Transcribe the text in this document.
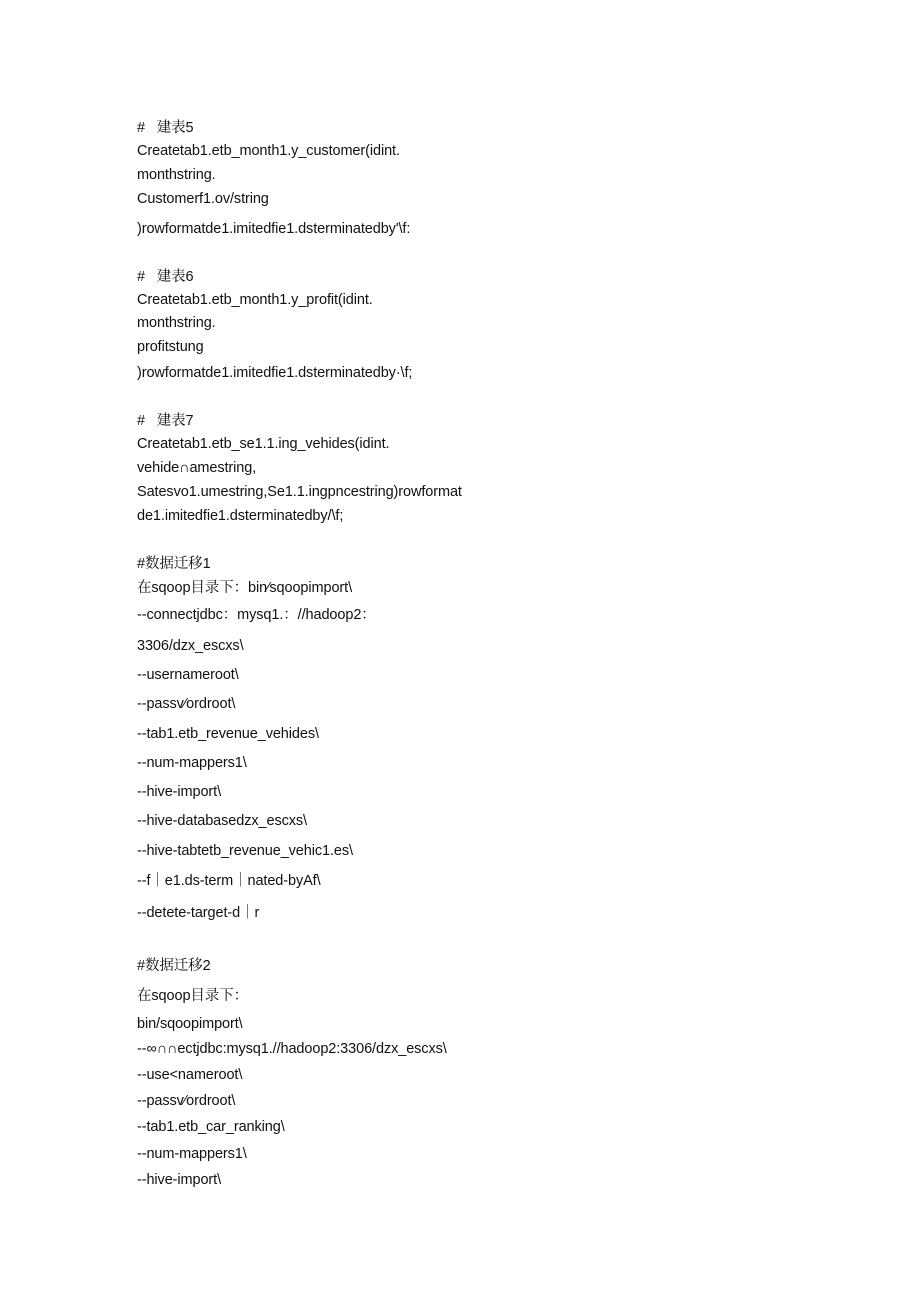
#   建表5
Createtab1.etb_month1.y_customer(idint.
monthstring.
Customerf1.ov/string
)rowformatde1.imitedfie1.dsterminatedby'\f:
#   建表6
Createtab1.etb_month1.y_profit(idint.
monthstring.
profitstung
)rowformatde1.imitedfie1.dsterminatedby·\f;
#   建表7
Createtab1.etb_se1.1.ing_vehides(idint.
vehide∩amestring,
Satesvo1.umestring,Se1.1.ingpncestring)rowformat
de1.imitedfie1.dsterminatedby/\f;
#数据迁移1
在sqoop目录下：bin∕sqoopimport\
--connectjdbc：mysq1.：//hadoop2：
3306/dzx_escxs\
--usernameroot\
--passv∕ordroot\
--tab1.etb_revenue_vehides\
--num-mappers1\
--hive-import\
--hive-databasedzx_escxs\
--hive-tabtetb_revenue_vehic1.es\
--f｜e1.ds-term｜nated-byAf\
--detete-target-d｜r
#数据迁移2
在sqoop目录下：
bin/sqoopimport\
--∞∩∩ectjdbc:mysq1.//hadoop2:3306/dzx_escxs\
--use<nameroot\
--passv∕ordroot\
--tab1.etb_car_ranking\
--num-mappers1\
--hive-import\
